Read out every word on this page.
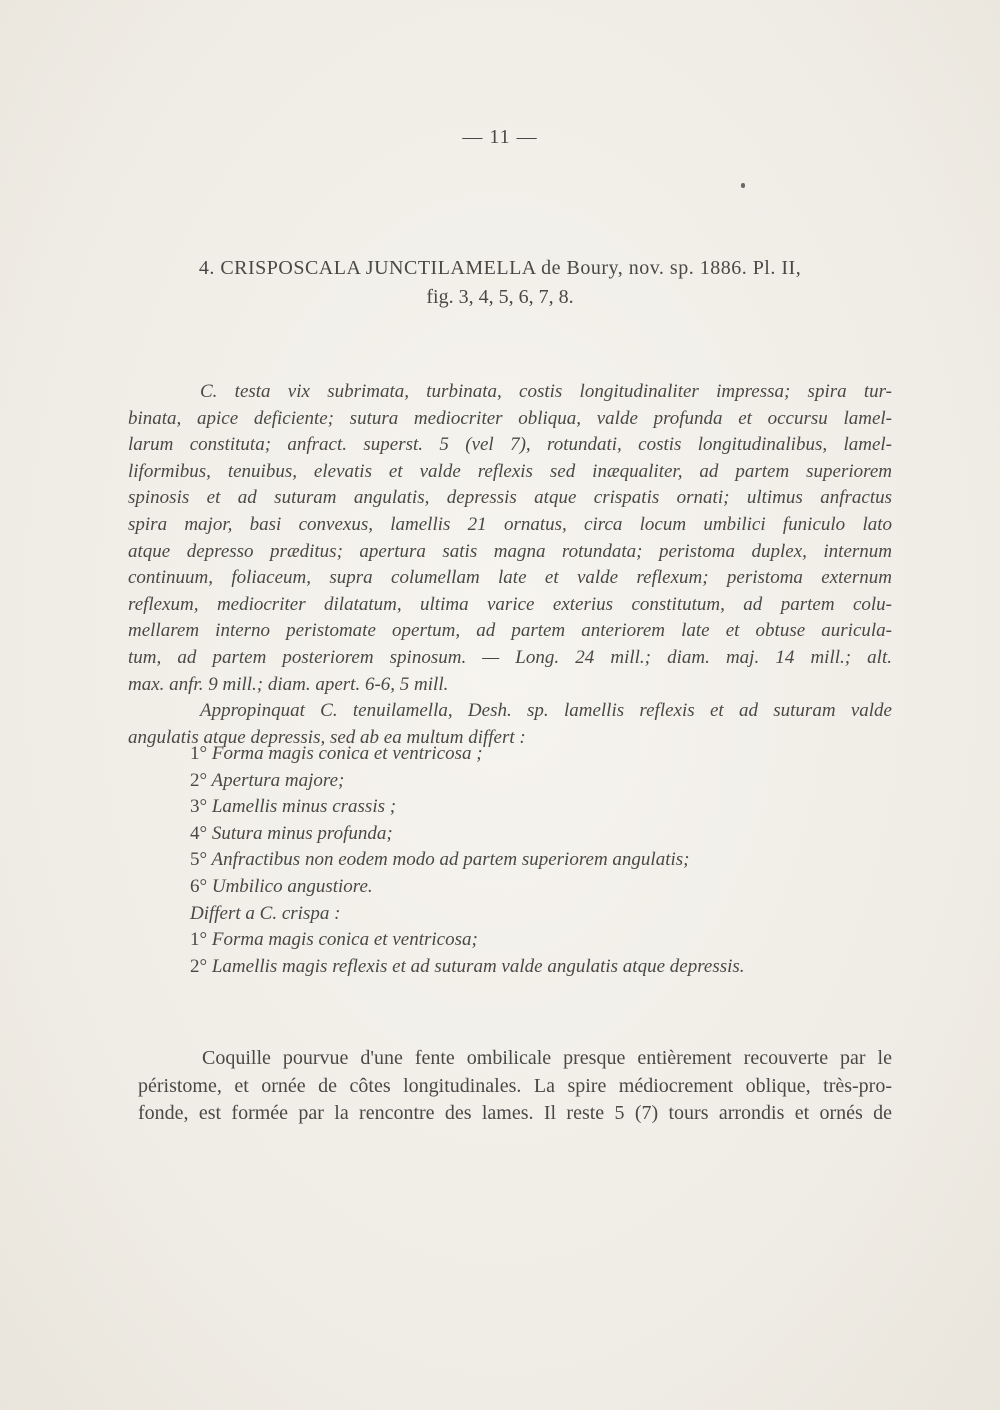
— 11 —
4. CRISPOSCALA JUNCTILAMELLA de Boury, nov. sp. 1886. Pl. II,
fig. 3, 4, 5, 6, 7, 8.
C. testa vix subrimata, turbinata, costis longitudinaliter impressa; spira tur-
binata, apice deficiente; sutura mediocriter obliqua, valde profunda et occursu lamel-
larum constituta; anfract. superst. 5 (vel 7), rotundati, costis longitudinalibus, lamel-
liformibus, tenuibus, elevatis et valde reflexis sed inæqualiter, ad partem superiorem
spinosis et ad suturam angulatis, depressis atque crispatis ornati; ultimus anfractus
spira major, basi convexus, lamellis 21 ornatus, circa locum umbilici funiculo lato
atque depresso præditus; apertura satis magna rotundata; peristoma duplex, internum
continuum, foliaceum, supra columellam late et valde reflexum; peristoma externum
reflexum, mediocriter dilatatum, ultima varice exterius constitutum, ad partem colu-
mellarem interno peristomate opertum, ad partem anteriorem late et obtuse auricula-
tum, ad partem posteriorem spinosum. — Long. 24 mill.; diam. maj. 14 mill.; alt.
max. anfr. 9 mill.; diam. apert. 6-6, 5 mill.
Appropinquat C. tenuilamella, Desh. sp. lamellis reflexis et ad suturam valde
angulatis atque depressis, sed ab ea multum differt :
1° Forma magis conica et ventricosa ;
2° Apertura majore;
3° Lamellis minus crassis ;
4° Sutura minus profunda;
5° Anfractibus non eodem modo ad partem superiorem angulatis;
6° Umbilico angustiore.
Differt a C. crispa :
1° Forma magis conica et ventricosa;
2° Lamellis magis reflexis et ad suturam valde angulatis atque depressis.
Coquille pourvue d'une fente ombilicale presque entièrement recouverte par le
péristome, et ornée de côtes longitudinales. La spire médiocrement oblique, très-pro-
fonde, est formée par la rencontre des lames. Il reste 5 (7) tours arrondis et ornés de
